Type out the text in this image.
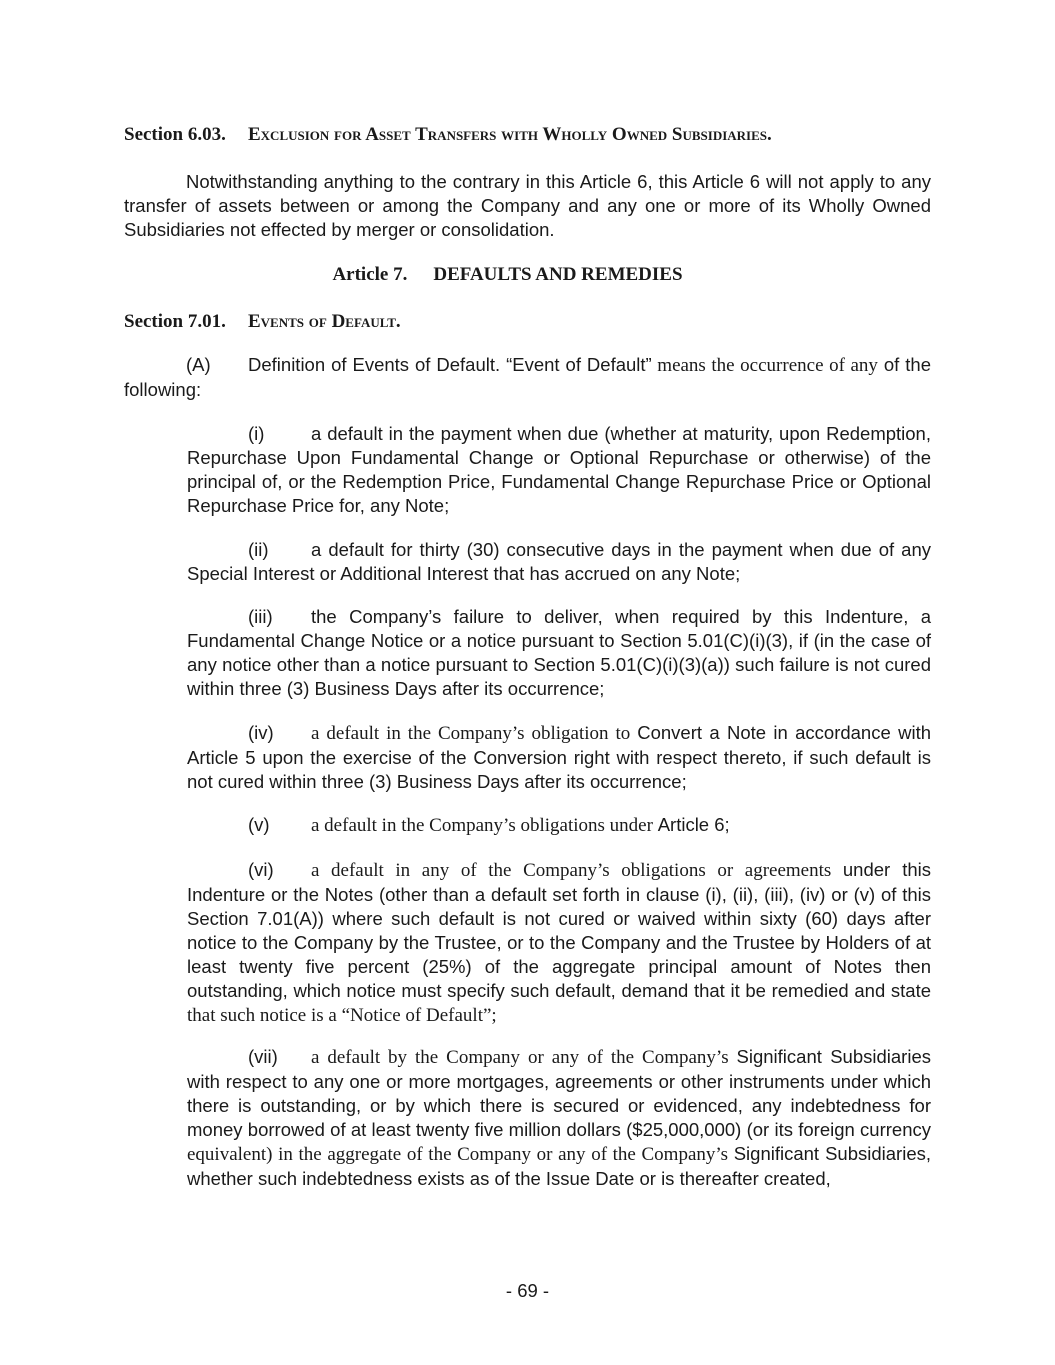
Section 6.03. Exclusion for Asset Transfers with Wholly Owned Subsidiaries.
Notwithstanding anything to the contrary in this Article 6, this Article 6 will not apply to any transfer of assets between or among the Company and any one or more of its Wholly Owned Subsidiaries not effected by merger or consolidation.
Article 7. DEFAULTS AND REMEDIES
Section 7.01. Events of Default.
(A) Definition of Events of Default. “Event of Default” means the occurrence of any of the following:
(i)	a default in the payment when due (whether at maturity, upon Redemption, Repurchase Upon Fundamental Change or Optional Repurchase or otherwise) of the principal of, or the Redemption Price, Fundamental Change Repurchase Price or Optional Repurchase Price for, any Note;
(ii) a default for thirty (30) consecutive days in the payment when due of any Special Interest or Additional Interest that has accrued on any Note;
(iii) the Company’s failure to deliver, when required by this Indenture, a Fundamental Change Notice or a notice pursuant to Section 5.01(C)(i)(3), if (in the case of any notice other than a notice pursuant to Section 5.01(C)(i)(3)(a)) such failure is not cured within three (3) Business Days after its occurrence;
(iv) a default in the Company’s obligation to Convert a Note in accordance with Article 5 upon the exercise of the Conversion right with respect thereto, if such default is not cured within three (3) Business Days after its occurrence;
(v) a default in the Company’s obligations under Article 6;
(vi) a default in any of the Company’s obligations or agreements under this Indenture or the Notes (other than a default set forth in clause (i), (ii), (iii), (iv) or (v) of this Section 7.01(A)) where such default is not cured or waived within sixty (60) days after notice to the Company by the Trustee, or to the Company and the Trustee by Holders of at least twenty five percent (25%) of the aggregate principal amount of Notes then outstanding, which notice must specify such default, demand that it be remedied and state that such notice is a “Notice of Default”;
(vii) a default by the Company or any of the Company’s Significant Subsidiaries with respect to any one or more mortgages, agreements or other instruments under which there is outstanding, or by which there is secured or evidenced, any indebtedness for money borrowed of at least twenty five million dollars ($25,000,000) (or its foreign currency equivalent) in the aggregate of the Company or any of the Company’s Significant Subsidiaries, whether such indebtedness exists as of the Issue Date or is thereafter created,
- 69 -
